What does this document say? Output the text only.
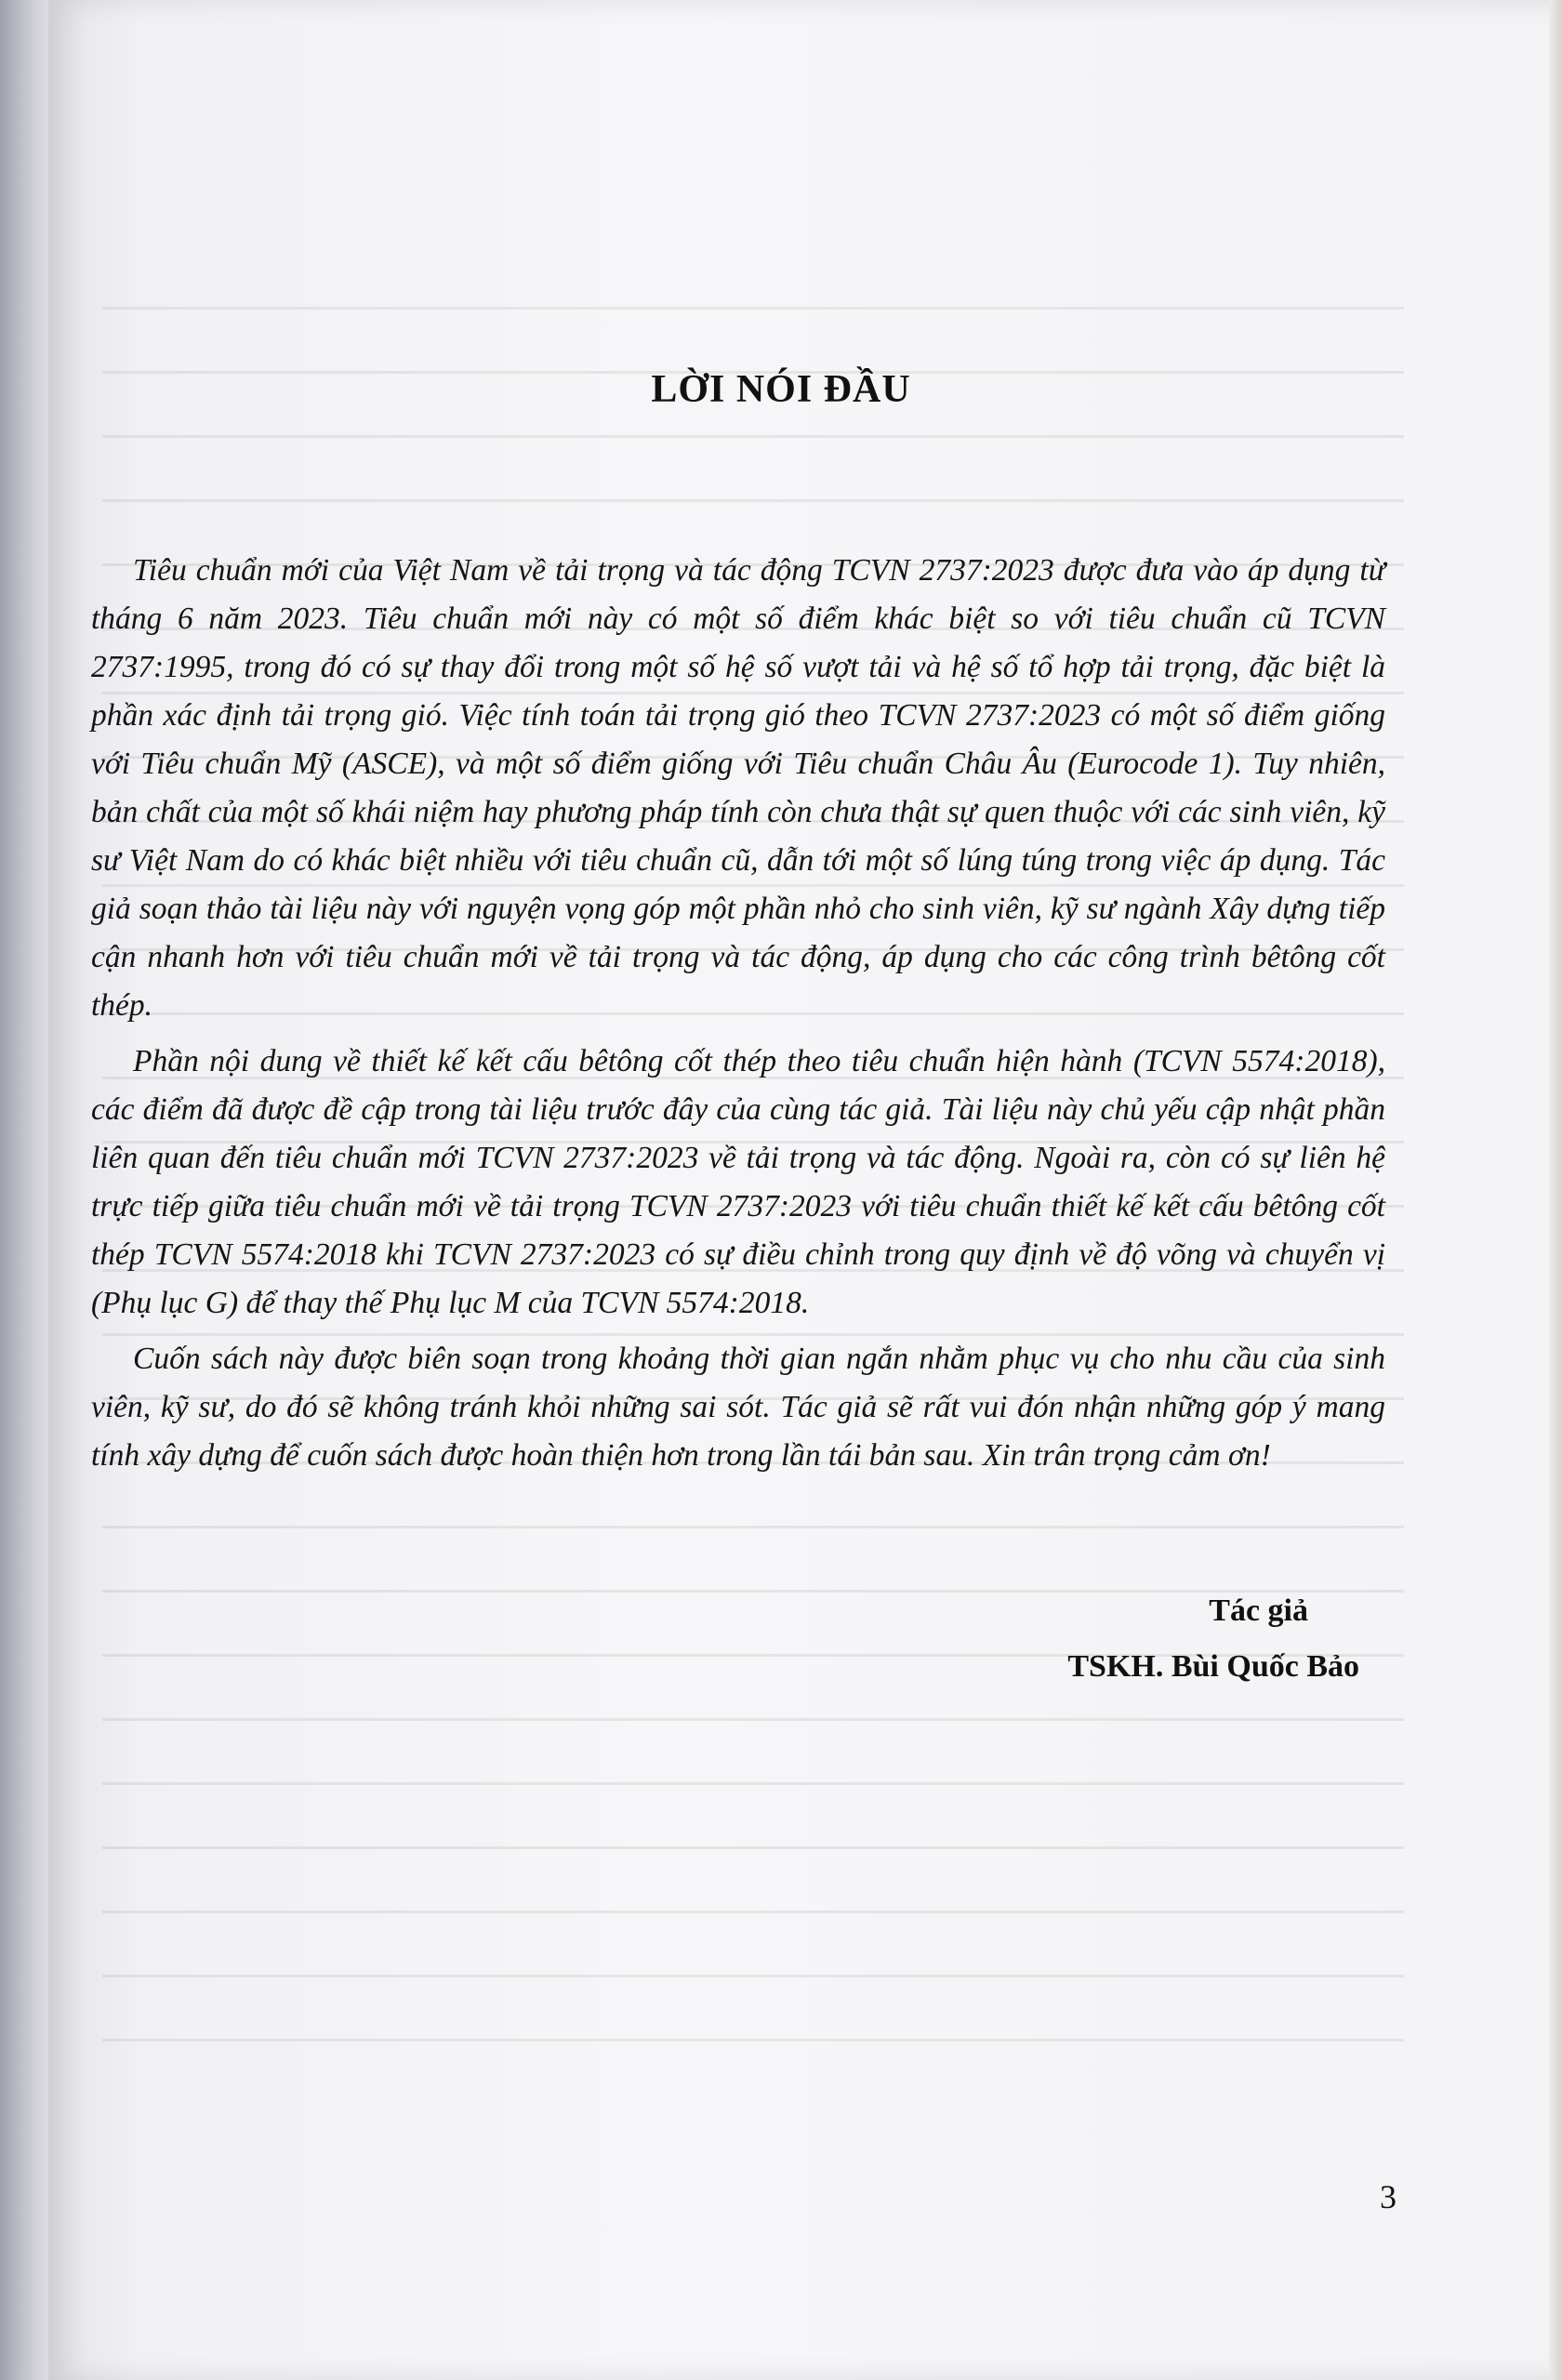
LỜI NÓI ĐẦU

Tiêu chuẩn mới của Việt Nam về tải trọng và tác động TCVN 2737:2023 được đưa vào áp dụng từ tháng 6 năm 2023. Tiêu chuẩn mới này có một số điểm khác biệt so với tiêu chuẩn cũ TCVN 2737:1995, trong đó có sự thay đổi trong một số hệ số vượt tải và hệ số tổ hợp tải trọng, đặc biệt là phần xác định tải trọng gió. Việc tính toán tải trọng gió theo TCVN 2737:2023 có một số điểm giống với Tiêu chuẩn Mỹ (ASCE), và một số điểm giống với Tiêu chuẩn Châu Âu (Eurocode 1). Tuy nhiên, bản chất của một số khái niệm hay phương pháp tính còn chưa thật sự quen thuộc với các sinh viên, kỹ sư Việt Nam do có khác biệt nhiều với tiêu chuẩn cũ, dẫn tới một số lúng túng trong việc áp dụng. Tác giả soạn thảo tài liệu này với nguyện vọng góp một phần nhỏ cho sinh viên, kỹ sư ngành Xây dựng tiếp cận nhanh hơn với tiêu chuẩn mới về tải trọng và tác động, áp dụng cho các công trình bêtông cốt thép.

Phần nội dung về thiết kế kết cấu bêtông cốt thép theo tiêu chuẩn hiện hành (TCVN 5574:2018), các điểm đã được đề cập trong tài liệu trước đây của cùng tác giả. Tài liệu này chủ yếu cập nhật phần liên quan đến tiêu chuẩn mới TCVN 2737:2023 về tải trọng và tác động. Ngoài ra, còn có sự liên hệ trực tiếp giữa tiêu chuẩn mới về tải trọng TCVN 2737:2023 với tiêu chuẩn thiết kế kết cấu bêtông cốt thép TCVN 5574:2018 khi TCVN 2737:2023 có sự điều chỉnh trong quy định về độ võng và chuyển vị (Phụ lục G) để thay thế Phụ lục M của TCVN 5574:2018.

Cuốn sách này được biên soạn trong khoảng thời gian ngắn nhằm phục vụ cho nhu cầu của sinh viên, kỹ sư, do đó sẽ không tránh khỏi những sai sót. Tác giả sẽ rất vui đón nhận những góp ý mang tính xây dựng để cuốn sách được hoàn thiện hơn trong lần tái bản sau. Xin trân trọng cảm ơn!

Tác giả
TSKH. Bùi Quốc Bảo
3
